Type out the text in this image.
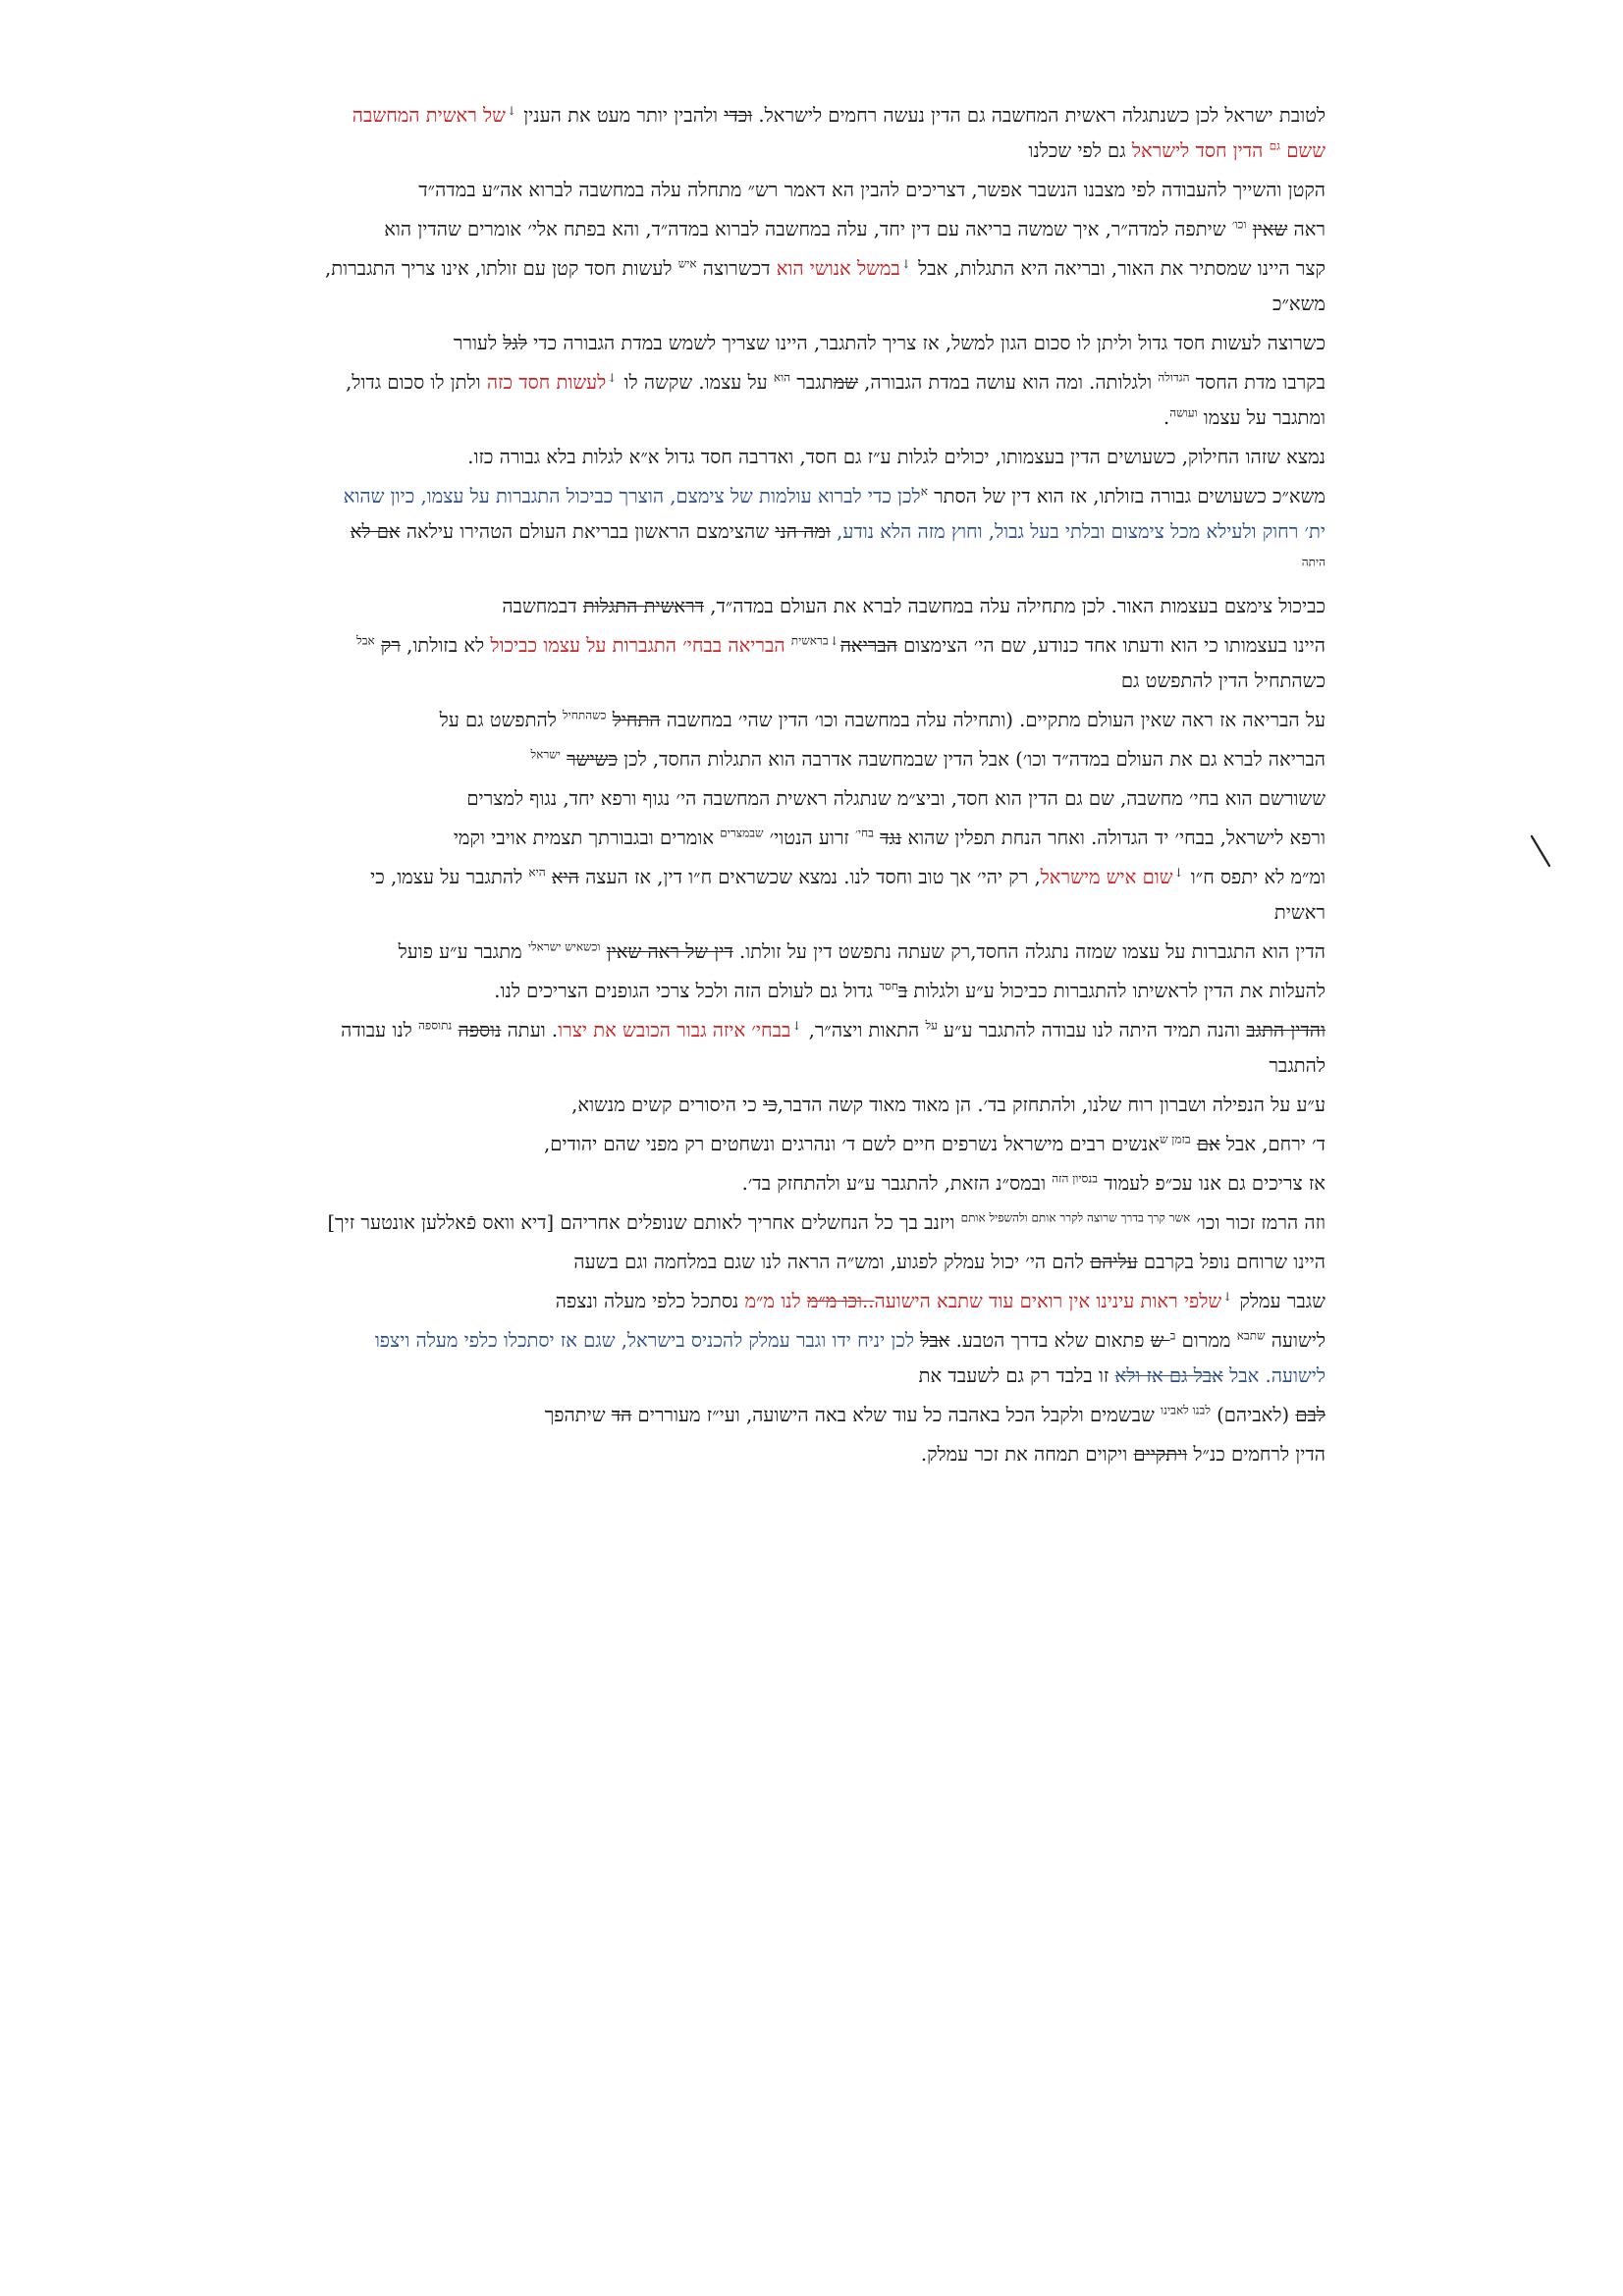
לטובת ישראל לכן כשנתגלה ראשית המחשבה גם הדין נעשה רחמים לישראל. וכדי ולהבין יותר מעט את הענין ↓של ראשית המחשבה ששם $^{גם}$ הדין חסד לישראל גם לפי שכלנו

הקטן והשייך להעבודה לפי מצבנו הנשבר אפשר, דצריכים להבין הא דאמר רש״ מתחלה עלה במחשבה לברוא אה״ע במדה״ד

ראה שאין $^{וכו׳}$ שיתפה למדה״ר, איך שמשה בריאה עם דין יחד, עלה במחשבה לברוא במדה״ד, והא בפתח אלי׳ אומרים שהדין הוא

קצר היינו שמסתיר את האור, ובריאה היא התגלות, אבל ↓במשל אנושי הוא דכשרוצה $^{איש}$ לעשות חסד קטן עם זולתו, אינו צריך התגברות, משא״כ

כשרוצה לעשות חסד גדול וליתן לו סכום הגון למשל, אז צריך להתגבר, היינו שצריך לשמש במדת הגבורה כדי לגל לעורר

בקרבו מדת החסד $^{הגדולה}$ ולגלותה. ומה הוא עושה במדת הגבורה, שמתגבר $^{הוא}$ על עצמו. שקשה לו ↓לעשות חסד כזה ולתן לו סכום גדול, ומתגבר על עצמו $^{ועושה}$.

נמצא שזהו החילוק, כשעושים הדין בעצמותו, יכולים לגלות ע״ז גם חסד, ואדרבה חסד גדול א״א לגלות בלא גבורה כזו.

משא״כ כשעושים גבורה בזולתו, אז הוא דין של הסתר $^א$לכן כדי לברוא עולמות של צימצם, הוצרך כביכול התגברות על עצמו, כיון שהוא ית׳ רחוק ולעילא מכל צימצום ובלתי בעל גבול, וחוץ מזה הלא נודע, ומה הני שהצימצם הראשון בבריאת העולם הטהירו עילאה אם לא $^{היתה}$

כביכול צימצם בעצמות האור. לכן מתחילה עלה במחשבה לברא את העולם במדה״ד, דראשית התגלות דבמחשבה

היינו בעצמותו כי הוא ודעתו אחד כנודע, שם הי׳ הצימצום הבריאה↓$^{בראשית}$ הבריאה בבחי׳ התגברות על עצמו כביכול לא בזולתו, רק $^{אבל}$ כשהתחיל הדין להתפשט גם

על הבריאה אז ראה שאין העולם מתקיים. (ותחילה עלה במחשבה וכו׳ הדין שהי׳ במחשבה התחיל $^{כשהתחיל}$ להתפשט גם על

הבריאה לברא גם את העולם במדה״ד וכו׳) אבל הדין שבמחשבה אדרבה הוא התגלות החסד, לכן כשישר $^{ישראל}$

ששורשם הוא בחי׳ מחשבה, שם גם הדין הוא חסד, וביצ״מ שנתגלה ראשית המחשבה הי׳ נגוף ורפא יחד, נגוף למצרים

ורפא לישראל, בבחי׳ יד הגדולה. ואחר הנחת תפלין שהוא נגד $^{בחי׳}$ זרוע הנטוי׳ $^{שבמצרים}$ אומרים ובגבורתך תצמית אויבי וקמי

ומ״מ לא יתפס ח״ו ↓שום איש מישראל, רק יהי׳ אך טוב וחסד לנו. נמצא שכשראים ח״ו דין, אז העצה היא $^{היא}$ להתגבר על עצמו, כי ראשית

הדין הוא התגברות על עצמו שמזה נתגלה החסד,רק שעתה נתפשט דין על זולתו. דין של ראה שאין $^{וכשאיש ישראלי}$ מתגבר ע״ע פועל

להעלות את הדין לראשיתו להתגברות כביכול ע״ע ולגלות ב$^{חסד}$ גדול גם לעולם הזה ולכל צרכי הגופנים הצריכים לנו.

והדין התגב והנה תמיד היתה לנו עבודה להתגבר ע״ע $^{על}$ התאות ויצה״ר, ↓בבחי׳ איזה גבור הכובש את יצרו. ועתה נוספה $^{נתוספה}$ לנו עבודה להתגבר

ע״ע על הנפילה ושברון רוח שלנו, ולהתחזק בד׳. הן מאוד מאוד קשה הדבר,כי כי היסורים קשים מנשוא,

ד׳ ירחם, אבל אם $^{בזמן ש}$אנשים רבים מישראל נשרפים חיים לשם ד׳ ונהרגים ונשחטים רק מפני שהם יהודים,

אז צריכים גם אנו עכ״פ לעמוד $^{בנסיון הזה}$ ובמס״נ הזאת, להתגבר ע״ע ולהתחזק בד׳.

וזה הרמז זכור וכו׳ $^{אשר קרך בדרך שרוצה לקרר אותם ולהשפיל אותם}$ ויזנב בך כל הנחשלים אחריך לאותם שנופלים אחריהם [דיא וואס פֿאללען אונטער זיך]

היינו שרוחם נופל בקרבם עליהם להם הי׳ יכול עמלק לפגוע, ומש״ה הראה לנו שגם במלחמה וגם בשעה

שגבר עמלק ↓שלפי ראות עינינו אין רואים עוד שתבא הישועה..וכו מ״מ לנו מ״מ נסתכל כלפי מעלה ונצפה

לישועה $^{שתבא}$ ממרום $^ב$ ש פתאום שלא בדרך הטבע. אבל לכן יניח ידו וגבר עמלק להכניס בישראל, שגם אז יסתכלו כלפי מעלה ויצפו לישועה. אבל אבל גם אז ולא זו בלבד רק גם לשעבד את

לבם (לאביהם) $^{לבנו לאבינו}$ שבשמים ולקבל הכל באהבה כל עוד שלא באה הישועה, ועי״ז מעוררים הד שיתהפך

הדין לרחמים כנ״ל ויתקיים ויקוים תמחה את זכר עמלק.
